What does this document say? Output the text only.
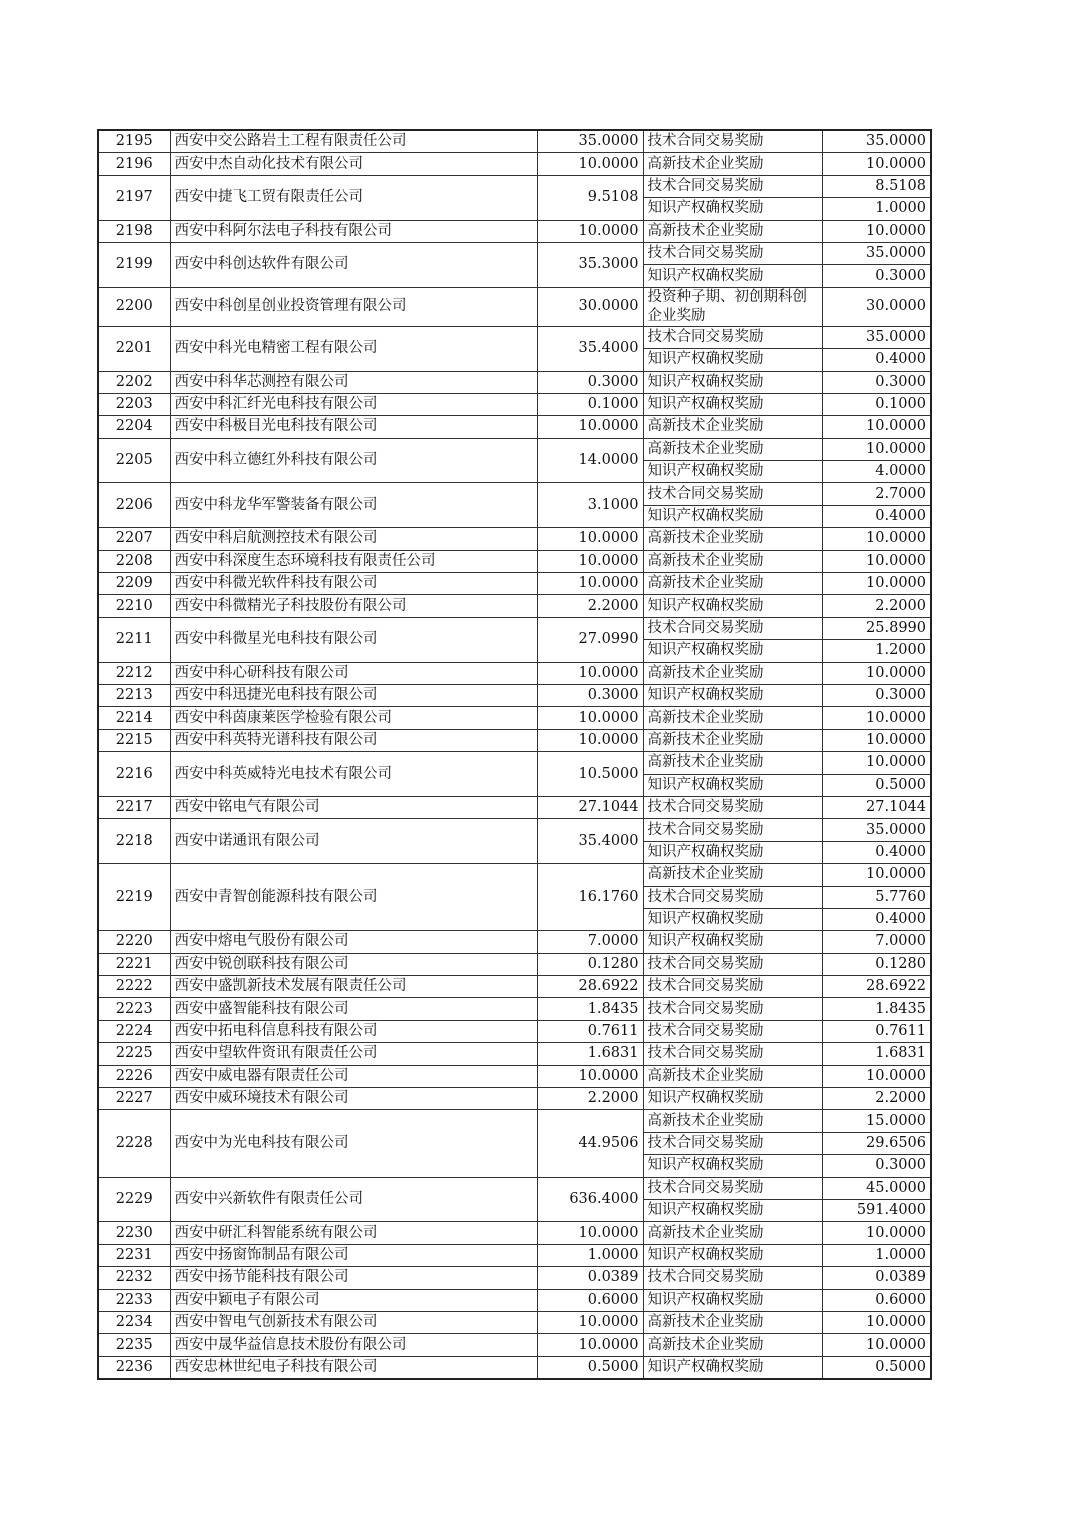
2195	西安中交公路岩土工程有限责任公司	35.0000	技术合同交易奖励	35.0000
2196	西安中杰自动化技术有限公司	10.0000	高新技术企业奖励	10.0000
2197	西安中捷飞工贸有限责任公司	9.5108	技术合同交易奖励	8.5108
			知识产权确权奖励	1.0000
2198	西安中科阿尔法电子科技有限公司	10.0000	高新技术企业奖励	10.0000
2199	西安中科创达软件有限公司	35.3000	技术合同交易奖励	35.0000
			知识产权确权奖励	0.3000
2200	西安中科创星创业投资管理有限公司	30.0000	投资种子期、初创期科创企业奖励	30.0000
2201	西安中科光电精密工程有限公司	35.4000	技术合同交易奖励	35.0000
			知识产权确权奖励	0.4000
2202	西安中科华芯测控有限公司	0.3000	知识产权确权奖励	0.3000
2203	西安中科汇纤光电科技有限公司	0.1000	知识产权确权奖励	0.1000
2204	西安中科极目光电科技有限公司	10.0000	高新技术企业奖励	10.0000
2205	西安中科立德红外科技有限公司	14.0000	高新技术企业奖励	10.0000
			知识产权确权奖励	4.0000
2206	西安中科龙华军警装备有限公司	3.1000	技术合同交易奖励	2.7000
			知识产权确权奖励	0.4000
2207	西安中科启航测控技术有限公司	10.0000	高新技术企业奖励	10.0000
2208	西安中科深度生态环境科技有限责任公司	10.0000	高新技术企业奖励	10.0000
2209	西安中科微光软件科技有限公司	10.0000	高新技术企业奖励	10.0000
2210	西安中科微精光子科技股份有限公司	2.2000	知识产权确权奖励	2.2000
2211	西安中科微星光电科技有限公司	27.0990	技术合同交易奖励	25.8990
			知识产权确权奖励	1.2000
2212	西安中科心研科技有限公司	10.0000	高新技术企业奖励	10.0000
2213	西安中科迅捷光电科技有限公司	0.3000	知识产权确权奖励	0.3000
2214	西安中科茵康莱医学检验有限公司	10.0000	高新技术企业奖励	10.0000
2215	西安中科英特光谱科技有限公司	10.0000	高新技术企业奖励	10.0000
2216	西安中科英威特光电技术有限公司	10.5000	高新技术企业奖励	10.0000
			知识产权确权奖励	0.5000
2217	西安中铭电气有限公司	27.1044	技术合同交易奖励	27.1044
2218	西安中诺通讯有限公司	35.4000	技术合同交易奖励	35.0000
			知识产权确权奖励	0.4000
2219	西安中青智创能源科技有限公司	16.1760	高新技术企业奖励	10.0000
			技术合同交易奖励	5.7760
			知识产权确权奖励	0.4000
2220	西安中熔电气股份有限公司	7.0000	知识产权确权奖励	7.0000
2221	西安中锐创联科技有限公司	0.1280	技术合同交易奖励	0.1280
2222	西安中盛凯新技术发展有限责任公司	28.6922	技术合同交易奖励	28.6922
2223	西安中盛智能科技有限公司	1.8435	技术合同交易奖励	1.8435
2224	西安中拓电科信息科技有限公司	0.7611	技术合同交易奖励	0.7611
2225	西安中望软件资讯有限责任公司	1.6831	技术合同交易奖励	1.6831
2226	西安中威电器有限责任公司	10.0000	高新技术企业奖励	10.0000
2227	西安中威环境技术有限公司	2.2000	知识产权确权奖励	2.2000
2228	西安中为光电科技有限公司	44.9506	高新技术企业奖励	15.0000
			技术合同交易奖励	29.6506
			知识产权确权奖励	0.3000
2229	西安中兴新软件有限责任公司	636.4000	技术合同交易奖励	45.0000
			知识产权确权奖励	591.4000
2230	西安中研汇科智能系统有限公司	10.0000	高新技术企业奖励	10.0000
2231	西安中扬窗饰制品有限公司	1.0000	知识产权确权奖励	1.0000
2232	西安中扬节能科技有限公司	0.0389	技术合同交易奖励	0.0389
2233	西安中颖电子有限公司	0.6000	知识产权确权奖励	0.6000
2234	西安中智电气创新技术有限公司	10.0000	高新技术企业奖励	10.0000
2235	西安中晟华益信息技术股份有限公司	10.0000	高新技术企业奖励	10.0000
2236	西安忠林世纪电子科技有限公司	0.5000	知识产权确权奖励	0.5000
